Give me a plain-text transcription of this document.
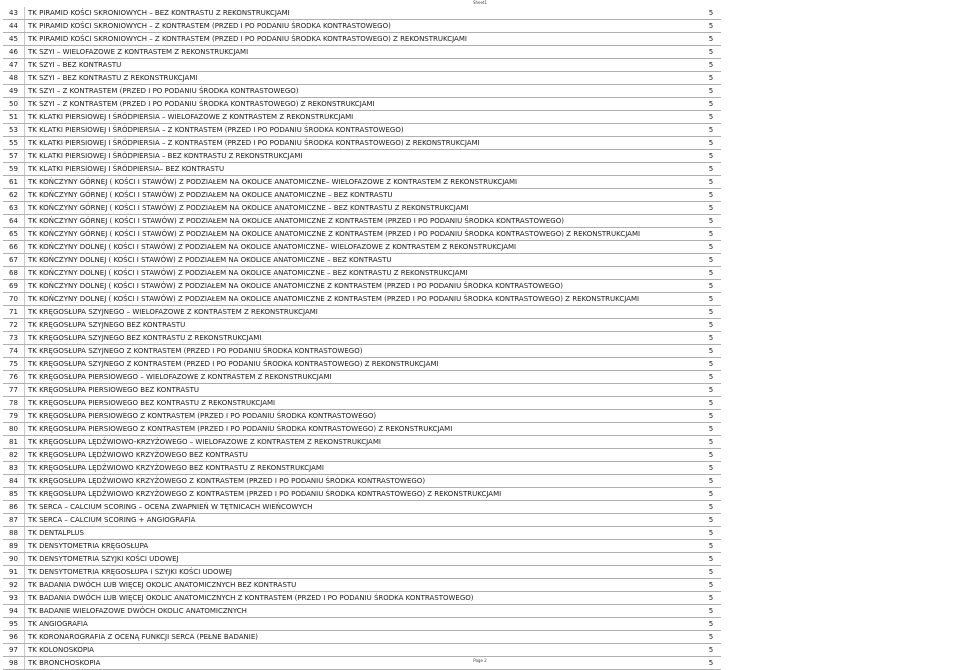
Sheet1
43	TK PIRAMID KOŚCI SKRONIOWYCH – BEZ KONTRASTU Z REKONSTRUKCJAMI	5
44	TK PIRAMID KOŚCI SKRONIOWYCH – Z KONTRASTEM (PRZED I PO PODANIU ŚRODKA KONTRASTOWEGO)	5
45	TK PIRAMID KOŚCI SKRONIOWYCH – Z KONTRASTEM (PRZED I PO PODANIU ŚRODKA KONTRASTOWEGO) Z REKONSTRUKCJAMI	5
46	TK SZYI – WIELOFAZOWE Z KONTRASTEM Z REKONSTRUKCJAMI	5
47	TK SZYI – BEZ KONTRASTU	5
48	TK SZYI – BEZ KONTRASTU Z REKONSTRUKCJAMI	5
49	TK SZYI – Z KONTRASTEM (PRZED I PO PODANIU ŚRODKA KONTRASTOWEGO)	5
50	TK SZYI – Z KONTRASTEM (PRZED I PO PODANIU ŚRODKA KONTRASTOWEGO) Z REKONSTRUKCJAMI	5
51	TK KLATKI PIERSIOWEJ I ŚRÓDPIERSIA – WIELOFAZOWE Z KONTRASTEM Z REKONSTRUKCJAMI	5
53	TK KLATKI PIERSIOWEJ I ŚRÓDPIERSIA – Z KONTRASTEM (PRZED I PO PODANIU ŚRODKA KONTRASTOWEGO)	5
55	TK KLATKI PIERSIOWEJ I ŚRÓDPIERSIA – Z KONTRASTEM (PRZED I PO PODANIU ŚRODKA KONTRASTOWEGO) Z REKONSTRUKCJAMI	5
57	TK KLATKI PIERSIOWEJ I ŚRÓDPIERSIA – BEZ KONTRASTU Z REKONSTRUKCJAMI	5
59	TK KLATKI PIERSIOWEJ I ŚRÓDPIERSIA– BEZ KONTRASTU	5
61	TK KOŃCZYNY GÓRNEJ ( KOŚCI I STAWÓW) Z PODZIAŁEM NA OKOLICE ANATOMICZNE– WIELOFAZOWE Z KONTRASTEM Z REKONSTRUKCJAMI	5
62	TK KOŃCZYNY GÓRNEJ ( KOŚCI I STAWÓW) Z PODZIAŁEM NA OKOLICE ANATOMICZNE – BEZ KONTRASTU	5
63	TK KOŃCZYNY GÓRNEJ ( KOŚCI I STAWÓW) Z PODZIAŁEM NA OKOLICE ANATOMICZNE – BEZ KONTRASTU Z REKONSTRUKCJAMI	5
64	TK KOŃCZYNY GÓRNEJ ( KOŚCI I STAWÓW) Z PODZIAŁEM NA OKOLICE ANATOMICZNE Z KONTRASTEM (PRZED I PO PODANIU ŚRODKA KONTRASTOWEGO)	5
65	TK KOŃCZYNY GÓRNEJ ( KOŚCI I STAWÓW) Z PODZIAŁEM NA OKOLICE ANATOMICZNE Z KONTRASTEM (PRZED I PO PODANIU ŚRODKA KONTRASTOWEGO) Z REKONSTRUKCJAMI	5
66	TK KOŃCZYNY DOLNEJ ( KOŚCI I STAWÓW) Z PODZIAŁEM NA OKOLICE ANATOMICZNE– WIELOFAZOWE Z KONTRASTEM Z REKONSTRUKCJAMI	5
67	TK KOŃCZYNY DOLNEJ ( KOŚCI I STAWÓW) Z PODZIAŁEM NA OKOLICE ANATOMICZNE – BEZ KONTRASTU	5
68	TK KOŃCZYNY DOLNEJ ( KOŚCI I STAWÓW) Z PODZIAŁEM NA OKOLICE ANATOMICZNE – BEZ KONTRASTU Z REKONSTRUKCJAMI	5
69	TK KOŃCZYNY DOLNEJ ( KOŚCI I STAWÓW) Z PODZIAŁEM NA OKOLICE ANATOMICZNE Z KONTRASTEM (PRZED I PO PODANIU ŚRODKA KONTRASTOWEGO)	5
70	TK KOŃCZYNY DOLNEJ ( KOŚCI I STAWÓW) Z PODZIAŁEM NA OKOLICE ANATOMICZNE Z KONTRASTEM (PRZED I PO PODANIU ŚRODKA KONTRASTOWEGO) Z REKONSTRUKCJAMI	5
71	TK KRĘGOSŁUPA SZYJNEGO – WIELOFAZOWE Z KONTRASTEM Z REKONSTRUKCJAMI	5
72	TK KRĘGOSŁUPA SZYJNEGO BEZ KONTRASTU	5
73	TK KRĘGOSŁUPA SZYJNEGO BEZ KONTRASTU Z REKONSTRUKCJAMI	5
74	TK KRĘGOSŁUPA SZYJNEGO Z KONTRASTEM (PRZED I PO PODANIU ŚRODKA KONTRASTOWEGO)	5
75	TK KRĘGOSŁUPA SZYJNEGO Z KONTRASTEM (PRZED I PO PODANIU ŚRODKA KONTRASTOWEGO) Z REKONSTRUKCJAMI	5
76	TK KRĘGOSŁUPA PIERSIOWEGO – WIELOFAZOWE Z KONTRASTEM Z REKONSTRUKCJAMI	5
77	TK KRĘGOSŁUPA PIERSIOWEGO BEZ KONTRASTU	5
78	TK KRĘGOSŁUPA PIERSIOWEGO BEZ KONTRASTU Z REKONSTRUKCJAMI	5
79	TK KRĘGOSŁUPA PIERSIOWEGO Z KONTRASTEM (PRZED I PO PODANIU ŚRODKA KONTRASTOWEGO)	5
80	TK KRĘGOSŁUPA PIERSIOWEGO Z KONTRASTEM (PRZED I PO PODANIU ŚRODKA KONTRASTOWEGO) Z REKONSTRUKCJAMI	5
81	TK KRĘGOSŁUPA LĘDŹWIOWO-KRZYŻOWEGO – WIELOFAZOWE Z KONTRASTEM Z REKONSTRUKCJAMI	5
82	TK KRĘGOSŁUPA LĘDŹWIOWO KRZYŻOWEGO BEZ KONTRASTU	5
83	TK KRĘGOSŁUPA LĘDŹWIOWO KRZYŻOWEGO BEZ KONTRASTU Z REKONSTRUKCJAMI	5
84	TK KRĘGOSŁUPA LĘDŹWIOWO KRZYŻOWEGO Z KONTRASTEM (PRZED I PO PODANIU ŚRODKA KONTRASTOWEGO)	5
85	TK KRĘGOSŁUPA LĘDŹWIOWO KRZYŻOWEGO Z KONTRASTEM (PRZED I PO PODANIU ŚRODKA KONTRASTOWEGO) Z REKONSTRUKCJAMI	5
86	TK SERCA – CALCIUM SCORING – OCENA ZWAPNIEŃ W TĘTNICACH WIEŃCOWYCH	5
87	TK SERCA – CALCIUM SCORING + ANGIOGRAFIA	5
88	TK DENTALPLUS	5
89	TK DENSYTOMETRIA KRĘGOSŁUPA	5
90	TK DENSYTOMETRIA SZYJKI KOŚCI UDOWEJ	5
91	TK DENSYTOMETRIA KRĘGOSŁUPA I SZYJKI KOŚCI UDOWEJ	5
92	TK BADANIA DWÓCH LUB WIĘCEJ OKOLIC ANATOMICZNYCH BEZ KONTRASTU	5
93	TK BADANIA DWÓCH LUB WIĘCEJ OKOLIC ANATOMICZNYCH Z KONTRASTEM (PRZED I PO PODANIU ŚRODKA KONTRASTOWEGO)	5
94	TK BADANIE WIELOFAZOWE DWÓCH OKOLIC ANATOMICZNYCH	5
95	TK ANGIOGRAFIA	5
96	TK KORONAROGRAFIA Z OCENĄ FUNKCJI SERCA (PEŁNE BADANIE)	5
97	TK KOLONOSKOPIA	5
98	TK BRONCHOSKOPIA	5
Page 2
